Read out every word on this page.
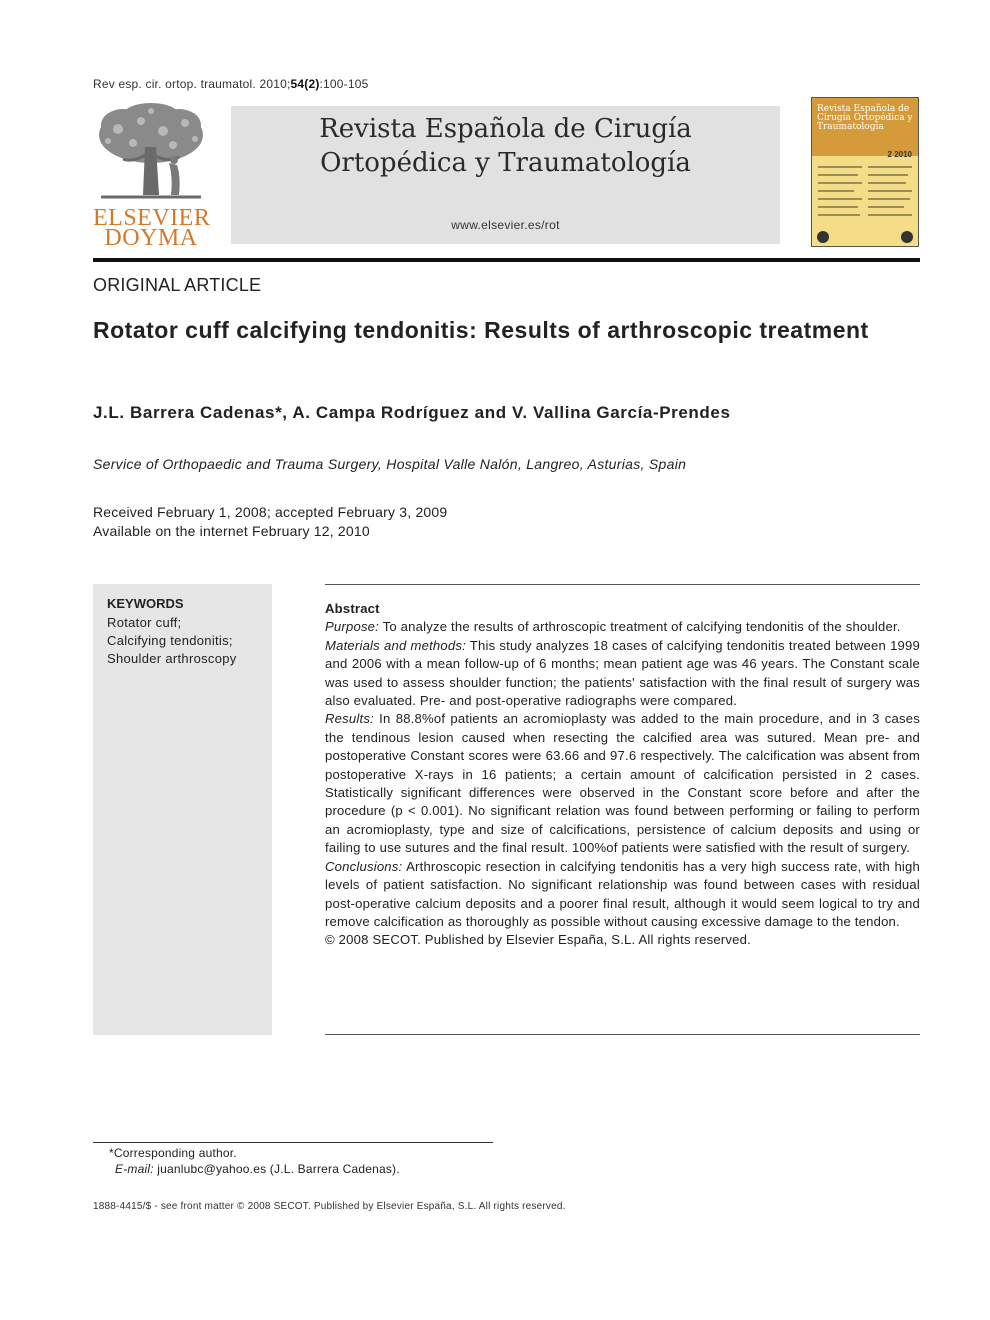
Rev esp. cir. ortop. traumatol. 2010;54(2):100-105
ELSEVIER
DOYMA
Revista Española de Cirugía
Ortopédica y Traumatología
www.elsevier.es/rot
Revista Española de Cirugía Ortopédica y Traumatología
2 2010
ORIGINAL ARTICLE
Rotator cuff calcifying tendonitis: Results of arthroscopic treatment
J.L. Barrera Cadenas*, A. Campa Rodríguez and V. Vallina García-Prendes
Service of Orthopaedic and Trauma Surgery, Hospital Valle Nalón, Langreo, Asturias, Spain
Received February 1, 2008; accepted February 3, 2009
Available on the internet February 12, 2010
KEYWORDS
Rotator cuff;
Calcifying tendonitis;
Shoulder arthroscopy

Abstract

Purpose: To analyze the results of arthroscopic treatment of calcifying tendonitis of the shoulder.

Materials and methods: This study analyzes 18 cases of calcifying tendonitis treated between 1999 and 2006 with a mean follow-up of 6 months; mean patient age was 46 years. The Constant scale was used to assess shoulder function; the patients' satisfaction with the final result of surgery was also evaluated. Pre- and post-operative radiographs were compared.

Results: In 88.8%of patients an acromioplasty was added to the main procedure, and in 3 cases the tendinous lesion caused when resecting the calcified area was sutured. Mean pre- and postoperative Constant scores were 63.66 and 97.6 respectively. The calcification was absent from postoperative X-rays in 16 patients; a certain amount of calcification persisted in 2 cases. Statistically significant differences were observed in the Constant score before and after the procedure (p < 0.001). No significant relation was found between performing or failing to perform an acromioplasty, type and size of calcifications, persistence of calcium deposits and using or failing to use sutures and the final result. 100%of patients were satisfied with the result of surgery.

Conclusions: Arthroscopic resection in calcifying tendonitis has a very high success rate, with high levels of patient satisfaction. No significant relationship was found between cases with residual post-operative calcium deposits and a poorer final result, although it would seem logical to try and remove calcification as thoroughly as possible without causing excessive damage to the tendon.

© 2008 SECOT. Published by Elsevier España, S.L. All rights reserved.

*Corresponding author.
E-mail: juanlubc@yahoo.es (J.L. Barrera Cadenas).
1888-4415/$ - see front matter © 2008 SECOT. Published by Elsevier España, S.L. All rights reserved.
